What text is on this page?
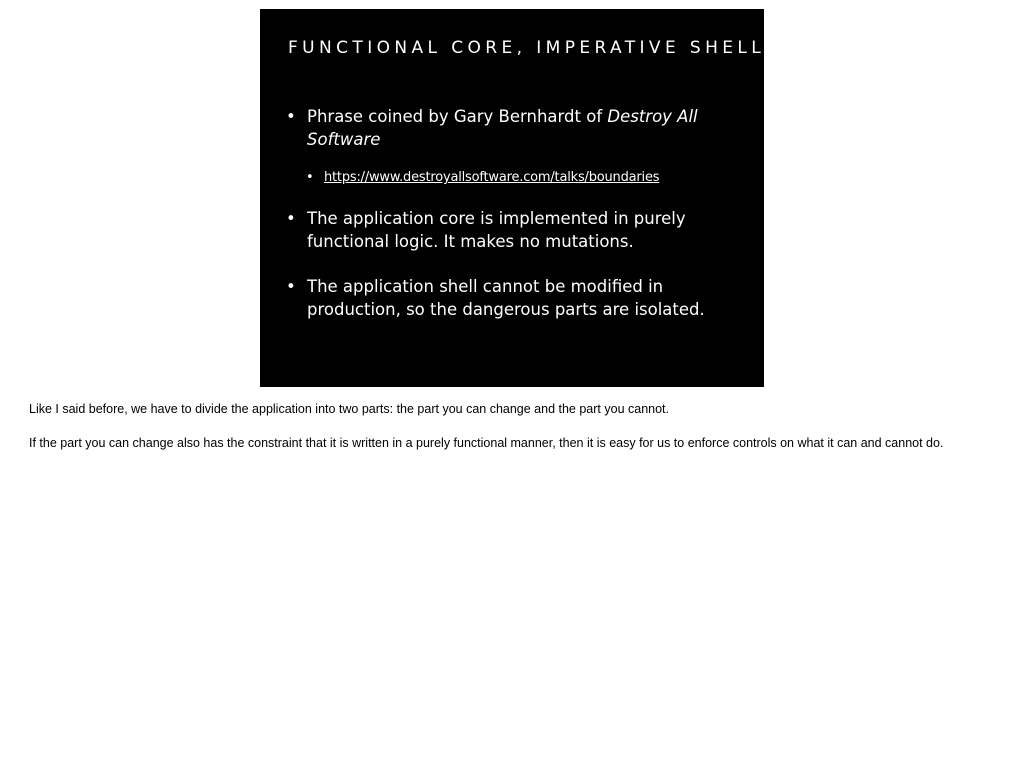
FUNCTIONAL CORE, IMPERATIVE SHELL
• Phrase coined by Gary Bernhardt of Destroy All Software
• https://www.destroyallsoftware.com/talks/boundaries
• The application core is implemented in purely functional logic. It makes no mutations.
• The application shell cannot be modified in production, so the dangerous parts are isolated.

Like I said before, we have to divide the application into two parts: the part you can change and the part you cannot.

If the part you can change also has the constraint that it is written in a purely functional manner, then it is easy for us to enforce controls on what it can and cannot do.
